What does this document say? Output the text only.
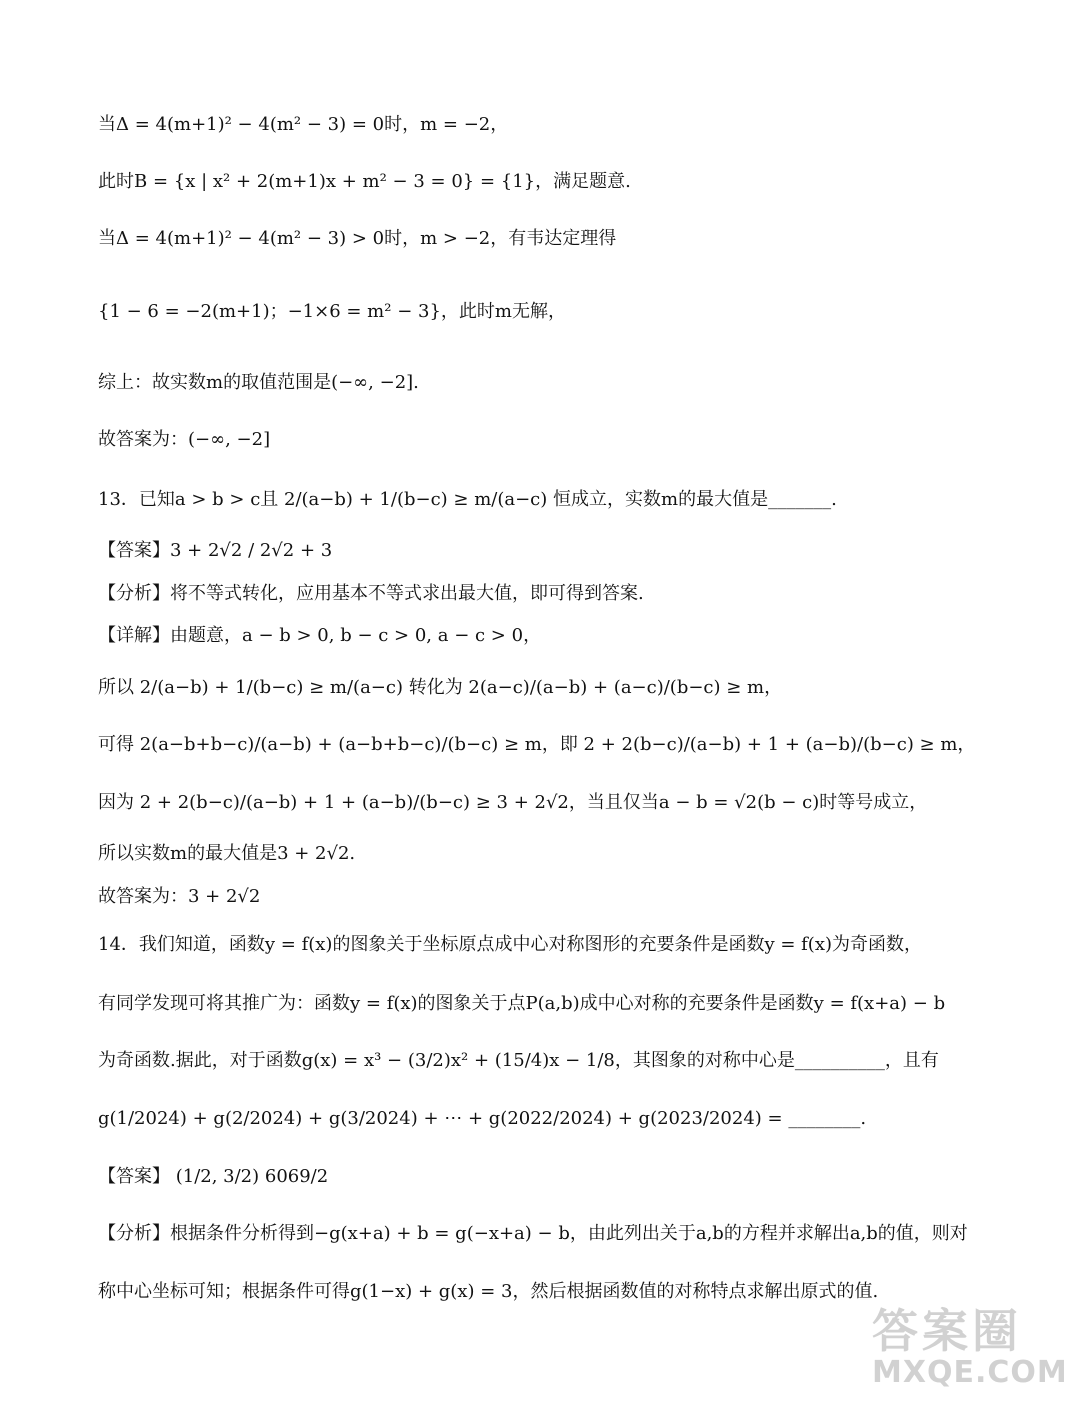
当Δ = 4(m+1)² − 4(m² − 3) = 0时，m = −2，
此时B = {x | x² + 2(m+1)x + m² − 3 = 0} = {1}，满足题意.
当Δ = 4(m+1)² − 4(m² − 3) > 0时，m > −2，有韦达定理得
{1 − 6 = −2(m+1)；−1×6 = m² − 3}，此时m无解，
综上：故实数m的取值范围是(−∞, −2].
故答案为：(−∞, −2]
13．已知a > b > c且 2/(a−b) + 1/(b−c) ≥ m/(a−c) 恒成立，实数m的最大值是_______.
【答案】3 + 2√2 / 2√2 + 3
【分析】将不等式转化，应用基本不等式求出最大值，即可得到答案.
【详解】由题意，a − b > 0, b − c > 0, a − c > 0，
所以 2/(a−b) + 1/(b−c) ≥ m/(a−c) 转化为 2(a−c)/(a−b) + (a−c)/(b−c) ≥ m，
可得 2(a−b+b−c)/(a−b) + (a−b+b−c)/(b−c) ≥ m，即 2 + 2(b−c)/(a−b) + 1 + (a−b)/(b−c) ≥ m，
因为 2 + 2(b−c)/(a−b) + 1 + (a−b)/(b−c) ≥ 3 + 2√2，当且仅当a − b = √2(b − c)时等号成立，
所以实数m的最大值是3 + 2√2.
故答案为：3 + 2√2
14．我们知道，函数y = f(x)的图象关于坐标原点成中心对称图形的充要条件是函数y = f(x)为奇函数，
有同学发现可将其推广为：函数y = f(x)的图象关于点P(a,b)成中心对称的充要条件是函数y = f(x+a) − b
为奇函数.据此，对于函数g(x) = x³ − (3/2)x² + (15/4)x − 1/8，其图象的对称中心是__________，且有
g(1/2024) + g(2/2024) + g(3/2024) + ⋯ + g(2022/2024) + g(2023/2024) = ________.
【答案】 (1/2, 3/2) 6069/2
【分析】根据条件分析得到−g(x+a) + b = g(−x+a) − b，由此列出关于a,b的方程并求解出a,b的值，则对
称中心坐标可知；根据条件可得g(1−x) + g(x) = 3，然后根据函数值的对称特点求解出原式的值.
答案圈
MXQE.COM
